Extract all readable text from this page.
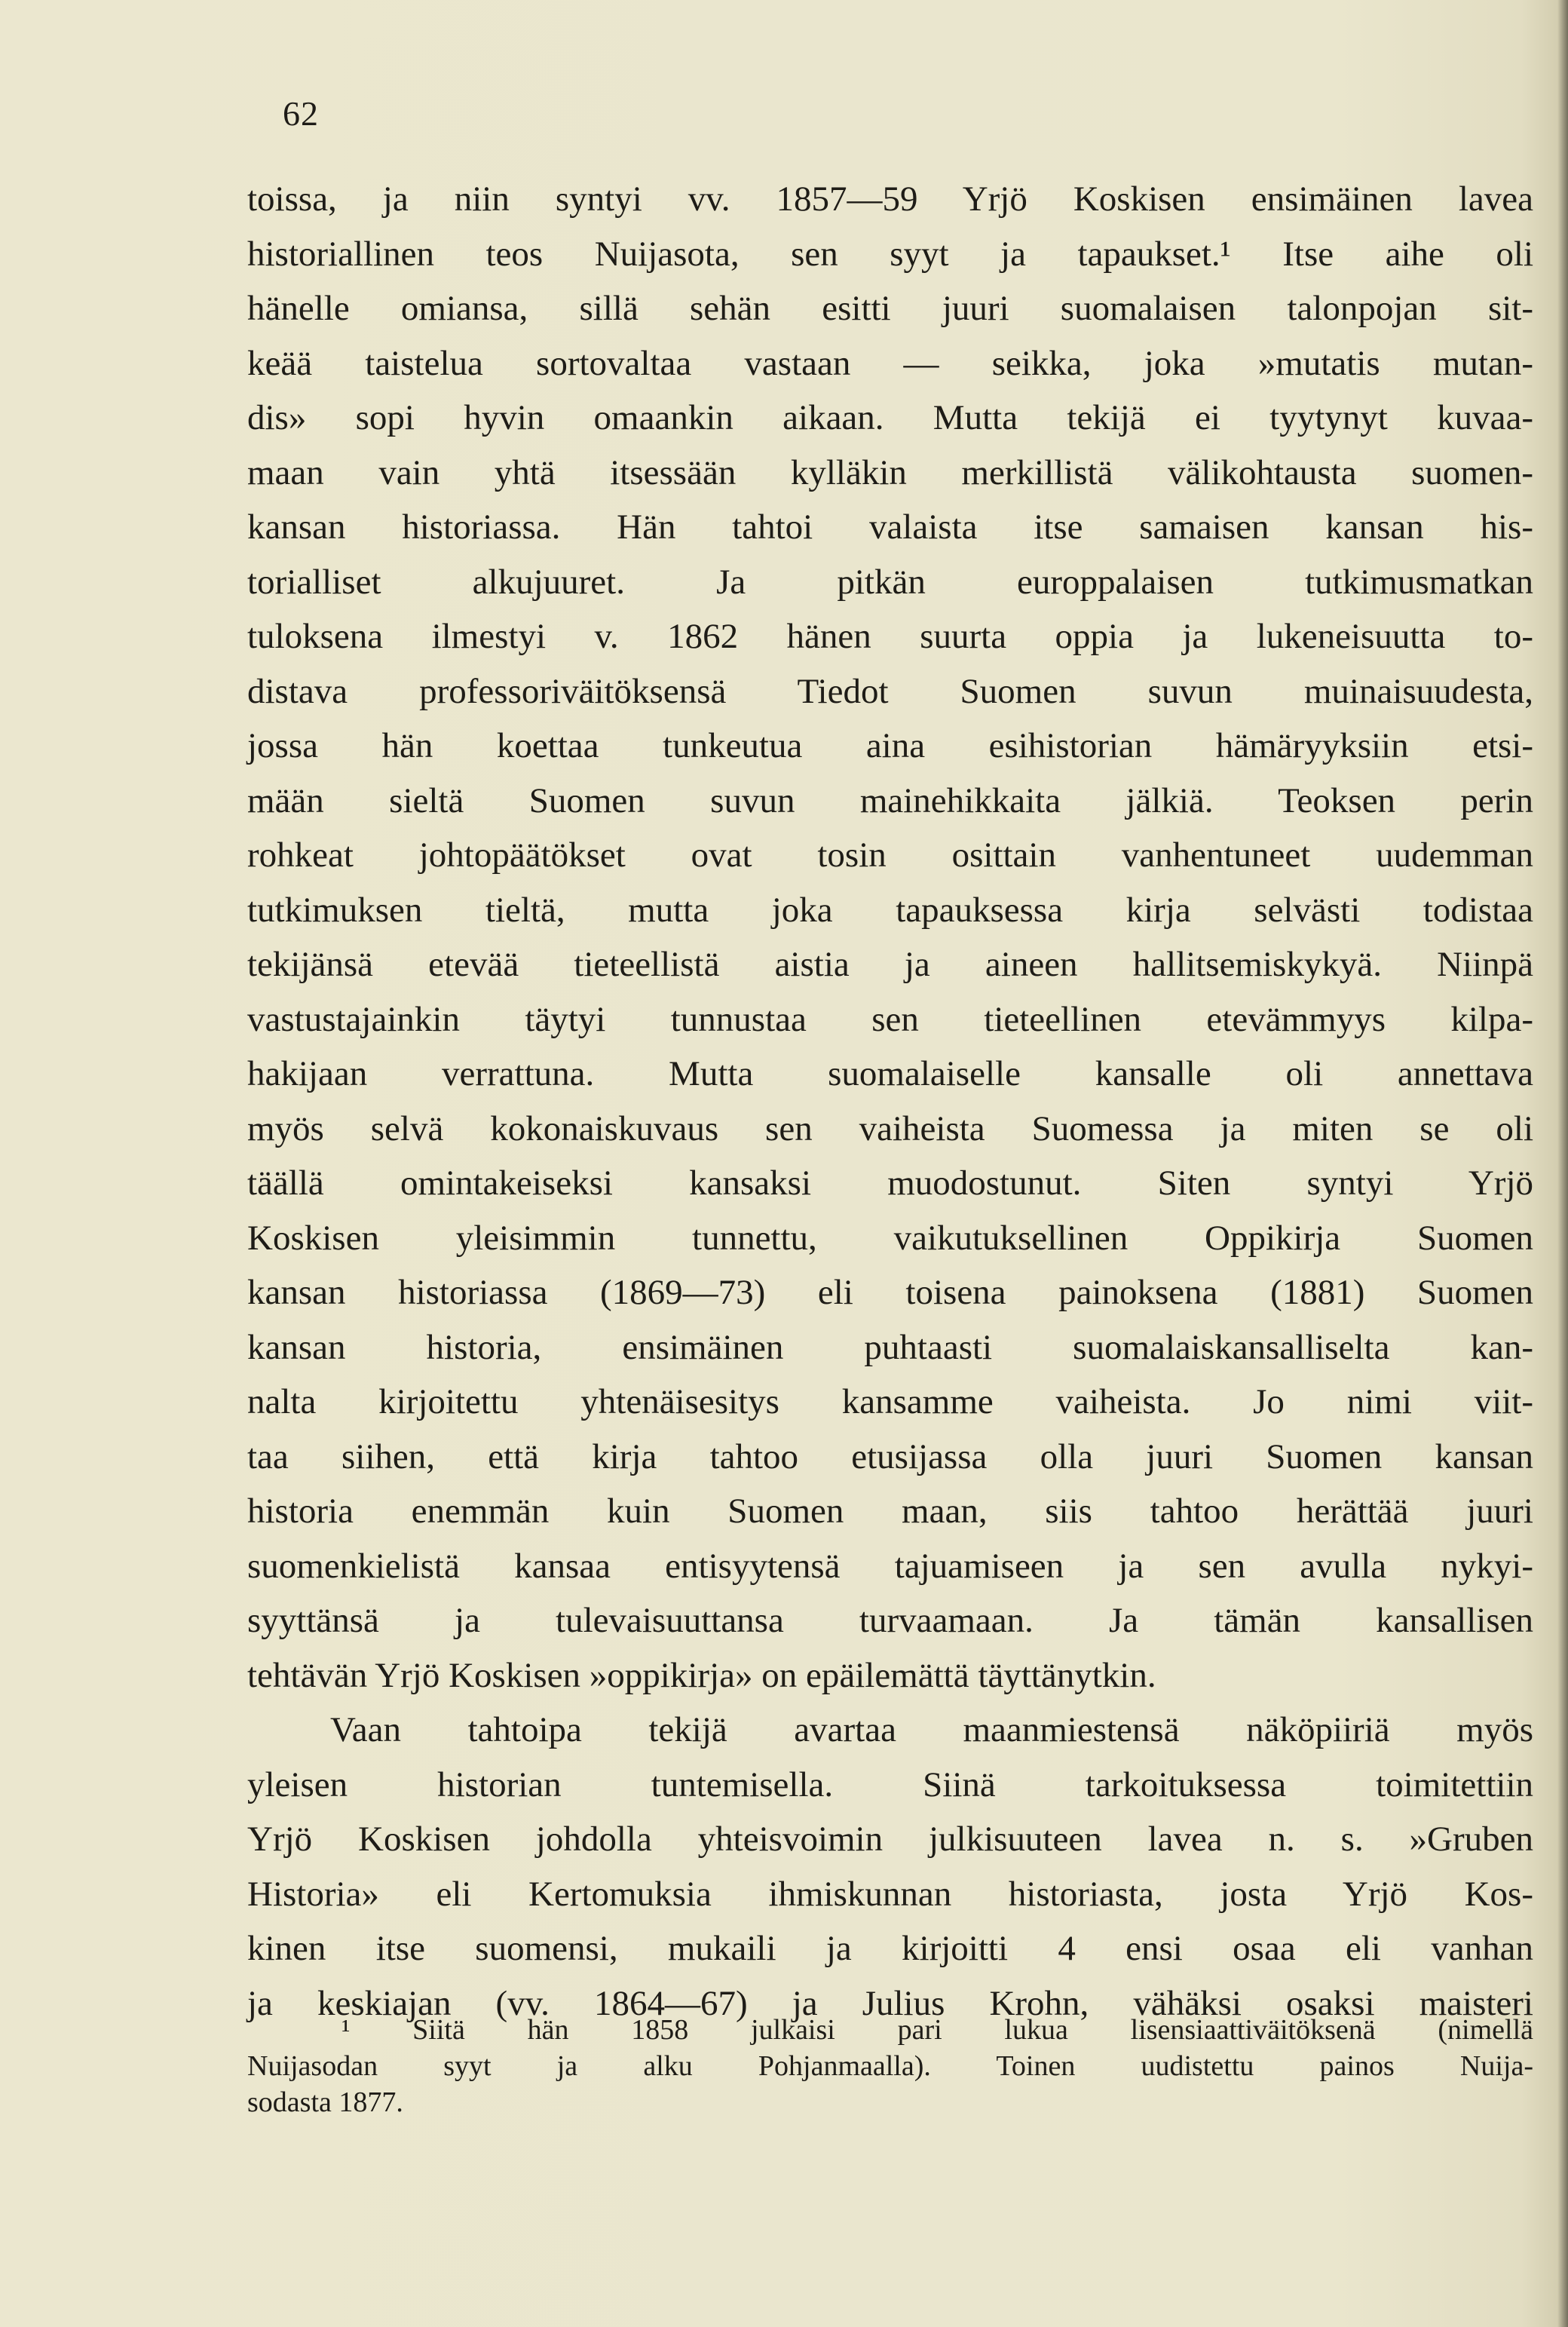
62
toissa, ja niin syntyi vv. 1857—59 Yrjö Koskisen ensimäinen lavea
historiallinen teos Nuijasota, sen syyt ja tapaukset.¹ Itse aihe oli
hänelle omiansa, sillä sehän esitti juuri suomalaisen talonpojan sit-
keää taistelua sortovaltaa vastaan — seikka, joka »mutatis mutan-
dis» sopi hyvin omaankin aikaan. Mutta tekijä ei tyytynyt kuvaa-
maan vain yhtä itsessään kylläkin merkillistä välikohtausta suomen-
kansan historiassa. Hän tahtoi valaista itse samaisen kansan his-
torialliset alkujuuret. Ja pitkän europpalaisen tutkimusmatkan
tuloksena ilmestyi v. 1862 hänen suurta oppia ja lukeneisuutta to-
distava professoriväitöksensä Tiedot Suomen suvun muinaisuudesta,
jossa hän koettaa tunkeutua aina esihistorian hämäryyksiin etsi-
mään sieltä Suomen suvun mainehikkaita jälkiä. Teoksen perin
rohkeat johtopäätökset ovat tosin osittain vanhentuneet uudemman
tutkimuksen tieltä, mutta joka tapauksessa kirja selvästi todistaa
tekijänsä etevää tieteellistä aistia ja aineen hallitsemiskykyä. Niinpä
vastustajainkin täytyi tunnustaa sen tieteellinen etevämmyys kilpa-
hakijaan verrattuna. Mutta suomalaiselle kansalle oli annettava
myös selvä kokonaiskuvaus sen vaiheista Suomessa ja miten se oli
täällä omintakeiseksi kansaksi muodostunut. Siten syntyi Yrjö
Koskisen yleisimmin tunnettu, vaikutuksellinen Oppikirja Suomen
kansan historiassa (1869—73) eli toisena painoksena (1881) Suomen
kansan historia, ensimäinen puhtaasti suomalaiskansalliselta kan-
nalta kirjoitettu yhtenäisesitys kansamme vaiheista. Jo nimi viit-
taa siihen, että kirja tahtoo etusijassa olla juuri Suomen kansan
historia enemmän kuin Suomen maan, siis tahtoo herättää juuri
suomenkielistä kansaa entisyytensä tajuamiseen ja sen avulla nykyi-
syyttänsä ja tulevaisuuttansa turvaamaan. Ja tämän kansallisen
tehtävän Yrjö Koskisen »oppikirja» on epäilemättä täyttänytkin.
Vaan tahtoipa tekijä avartaa maanmiestensä näköpiiriä myös
yleisen historian tuntemisella. Siinä tarkoituksessa toimitettiin
Yrjö Koskisen johdolla yhteisvoimin julkisuuteen lavea n. s. »Gruben
Historia» eli Kertomuksia ihmiskunnan historiasta, josta Yrjö Kos-
kinen itse suomensi, mukaili ja kirjoitti 4 ensi osaa eli vanhan
ja keskiajan (vv. 1864—67) ja Julius Krohn, vähäksi osaksi maisteri
¹ Siitä hän 1858 julkaisi pari lukua lisensiaattiväitöksenä (nimellä
Nuijasodan syyt ja alku Pohjanmaalla). Toinen uudistettu painos Nuija-
sodasta 1877.
